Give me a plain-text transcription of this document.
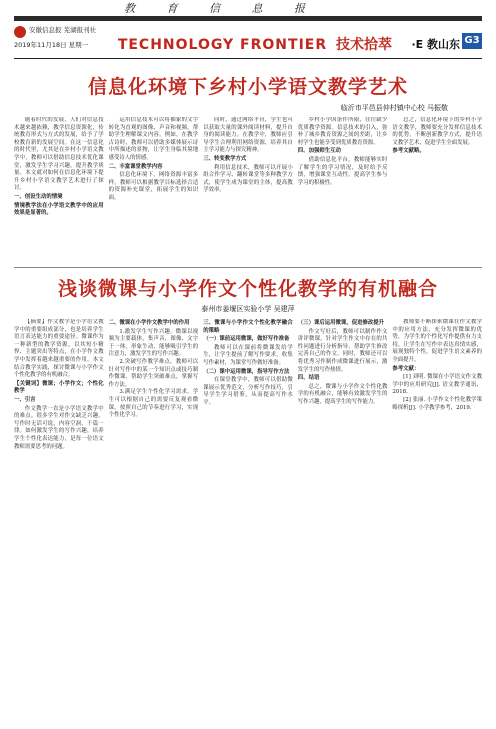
教 育 信 息 报
安徽信息报 芜湖报刊社
2019年11月18日 星期一 TECHNOLOGY FRONTIER 技术拾萃 ·E 教山东 G3
信息化环境下乡村小学语文教学艺术
临沂市平邑县仲村镇中心校 马振敬

随着时代的发展，人们对信息技术越来越依赖，教学信息资源化，传统教育形式与方式的发展，给予了学校教育新的发展空间。在这一信息化的时代里，尤其是在乡村小学语文教学中，教师可以借助信息技术优化课堂，激发学生学习兴趣，提升教学质量。本文就对如何在信息化环境下提升乡村小学语文教学艺术进行了探讨。

一、创设生动的情境

情境教学法在小学语文教学中的应用效果是显著的。

运用信息技术可以将抽象的文字转化为直观的图像、声音和视频，帮助学生理解课文内容。例如，在教学古诗时，教师可以借助多媒体展示诗中所描述的景物，让学生身临其境地感受诗人的情感。

二、丰富课堂教学内容

信息化环境下，网络资源丰富多样，教师可以根据教学目标选择合适的资源补充课堂，拓展学生的知识面。

同时，通过网络平台，学生也可以获取大量的课外阅读材料，提升自身的阅读能力。在教学中，教师应引导学生合理利用网络资源，培养其自主学习能力与探究精神。

三、转变教学方式

利用信息技术，教师可以开展小组合作学习、翻转课堂等多种教学方式，使学生成为课堂的主体，提高教学效率。

乡村小学因条件所限，往往缺少优质教学资源。信息技术的引入，弥补了城乡教育资源之间的差距，让乡村学生也能享受到优质教育资源。

四、加强师生互动

借助信息化平台，教师能够实时了解学生的学习情况，及时给予反馈，增强课堂互动性，提高学生参与学习的积极性。

总之，信息化环境下的乡村小学语文教学，教师要充分发挥信息技术的优势，不断创新教学方式，提升语文教学艺术，促进学生全面发展。

参考文献略。

浅谈微课与小学作文个性化教学的有机融合
泰州市姜堰区实验小学 吴建萍

【摘要】作文教学是小学语文教学中的重要组成部分，也是培养学生语言表达能力的重要途径。微课作为一种新型的教学资源，以其短小精悍、主题突出等特点，在小学作文教学中发挥着越来越重要的作用。本文结合教学实践，探讨微课与小学作文个性化教学的有机融合。

【关键词】微课；小学作文；个性化教学

一、引言

作文教学一直是小学语文教学中的难点。很多学生对作文缺乏兴趣，写作时无话可说，内容空洞，千篇一律。如何激发学生的写作兴趣，培养学生个性化表达能力，是每一位语文教师需要思考的问题。

二、微课在小学作文教学中的作用

1.激发学生写作兴趣。微课以视频为主要载体，集声音、图像、文字于一体，形象生动，能够吸引学生的注意力，激发学生的写作兴趣。

2.突破写作教学难点。教师可以针对写作中的某一个知识点或技巧制作微课，帮助学生突破难点，掌握写作方法。

3.满足学生个性化学习需求。学生可以根据自己的需要反复观看微课，按照自己的节奏进行学习，实现个性化学习。

三、微课与小学作文个性化教学融合的策略

（一）课前运用微课，做好写作准备

教师可以在课前将微课发给学生，让学生提前了解写作要求，收集写作素材，为课堂写作做好准备。

（二）课中运用微课，指导写作方法

在课堂教学中，教师可以借助微课展示优秀范文，分析写作技巧，引导学生学习借鉴，从而提高写作水平。

（三）课后运用微课，促进修改提升

作文写好后，教师可以制作作文讲评微课，针对学生作文中存在的共性问题进行分析指导，帮助学生修改完善自己的作文。同时，教师还可以将优秀习作制作成微课进行展示，激发学生的写作热情。

四、结语

总之，微课与小学作文个性化教学的有机融合，能够有效激发学生的写作兴趣，提高学生的写作能力。

教师要不断探索微课在作文教学中的应用方法，充分发挥微课的优势，为学生的个性化写作提供有力支持，让学生在写作中表达真情实感，展现独特个性，促进学生语文素养的全面提升。

参考文献：

[1] 刘明. 微课在小学语文作文教学中的应用研究[J]. 语文教学通讯，2018.

[2] 张丽. 小学作文个性化教学策略探析[J]. 小学教学参考，2019.
